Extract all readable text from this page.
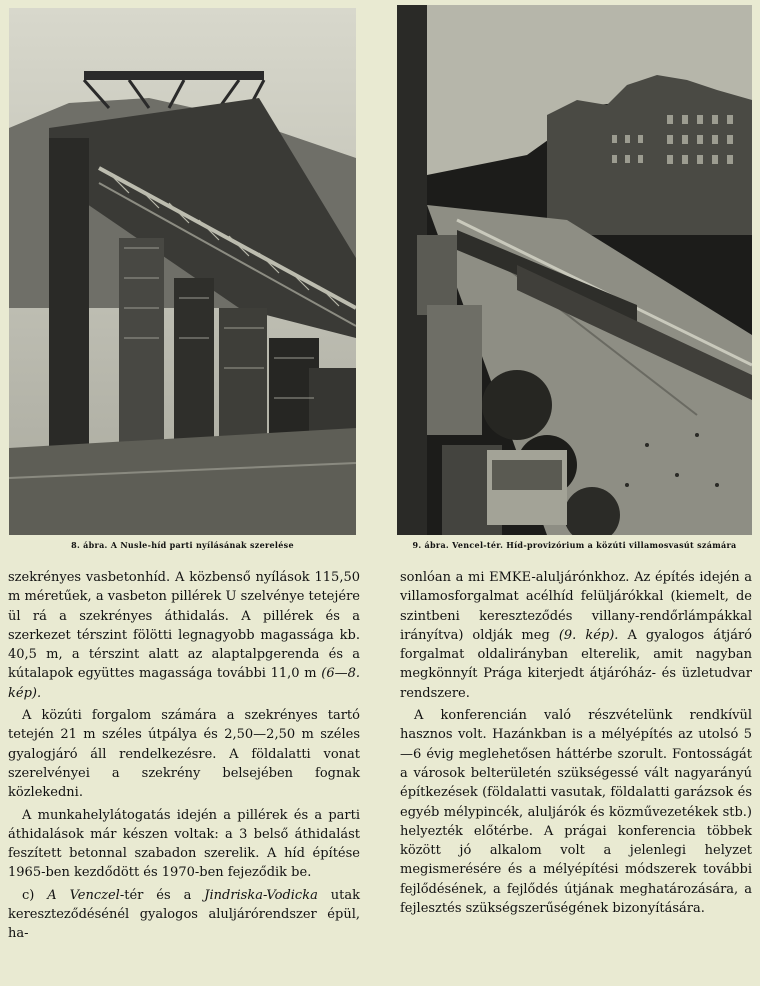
8. ábra. A Nusle-híd parti nyílásának szerelése	9. ábra. Vencel-tér. Híd-provizórium a közúti villamosvasút számára

szekrényes vasbetonhíd. A közbenső nyílások 115,50 m méretűek, a vasbeton pillérek U szelvénye tetejére ül rá a szekrényes áthidalás. A pillérek és a szerkezet térszint fölötti legnagyobb magassága kb. 40,5 m, a térszint alatt az alaptalpgerenda és a kútalapok együttes magassága további 11,0 m (6—8. kép).

A közúti forgalom számára a szekrényes tartó tetején 21 m széles útpálya és 2,50—2,50 m széles gyalogjáró áll rendelkezésre. A földalatti vonat szerelvényei a szekrény belsejében fognak közlekedni.

A munkahelylátogatás idején a pillérek és a parti áthidalások már készen voltak: a 3 belső áthidalást feszített betonnal szabadon szerelik. A híd építése 1965-ben kezdődött és 1970-ben fejeződik be.

c) A Venczel-tér és a Jindriska-Vodicka utak kereszteződésénél gyalogos aluljárórendszer épül, ha-

sonlóan a mi EMKE-aluljárónkhoz. Az építés idején a villamosforgalmat acélhíd felüljárókkal (kiemelt, de szintbeni kereszteződés villany-rendőrlámpákkal irányítva) oldják meg (9. kép). A gyalogos átjáró forgalmat oldalirányban elterelik, amit nagyban megkönnyít Prága kiterjedt átjáróház- és üzletudvar rendszere.

A konferencián való részvételünk rendkívül hasznos volt. Hazánkban is a mélyépítés az utolsó 5—6 évig meglehetősen háttérbe szorult. Fontosságát a városok belterületén szükségessé vált nagyarányú építkezések (földalatti vasutak, földalatti garázsok és egyéb mélypincék, aluljárók és közművezetékek stb.) helyezték előtérbe. A prágai konferencia többek között jó alkalom volt a jelenlegi helyzet megismerésére és a mélyépítési módszerek további fejlődésének, a fejlődés útjának meghatározására, a fejlesztés szükségszerűségének bizonyítására.
